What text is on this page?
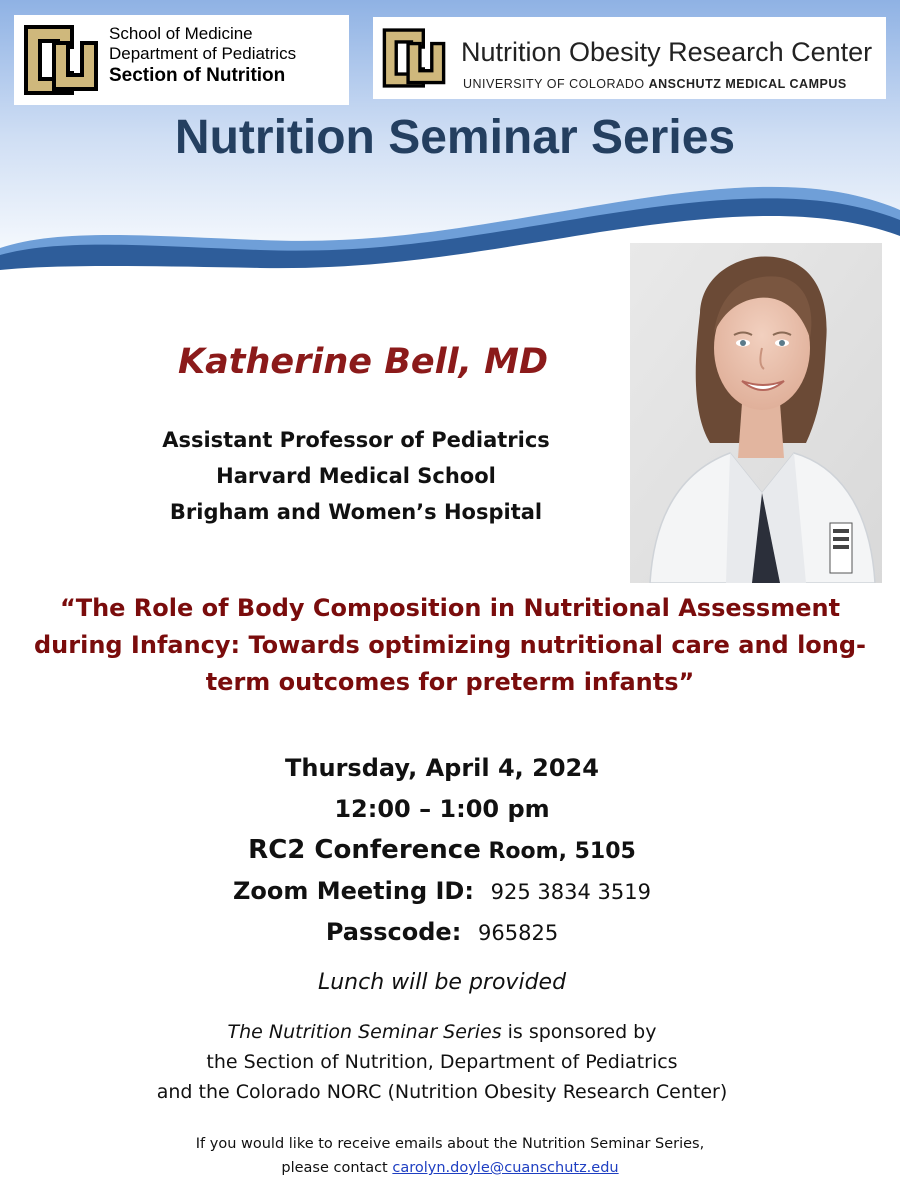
School of Medicine
Department of Pediatrics
Section of Nutrition
Nutrition Obesity Research Center
UNIVERSITY OF COLORADO ANSCHUTZ MEDICAL CAMPUS
Nutrition Seminar Series
Katherine Bell, MD
Assistant Professor of Pediatrics
Harvard Medical School
Brigham and Women’s Hospital
“The Role of Body Composition in Nutritional Assessment
during Infancy: Towards optimizing nutritional care and long-
term outcomes for preterm infants”
Thursday, April 4, 2024
12:00 – 1:00 pm
RC2 Conference Room, 5105
Zoom Meeting ID: 925 3834 3519
Passcode: 965825
Lunch will be provided
The Nutrition Seminar Series is sponsored by
the Section of Nutrition, Department of Pediatrics
and the Colorado NORC (Nutrition Obesity Research Center)
If you would like to receive emails about the Nutrition Seminar Series,
please contact carolyn.doyle@cuanschutz.edu
